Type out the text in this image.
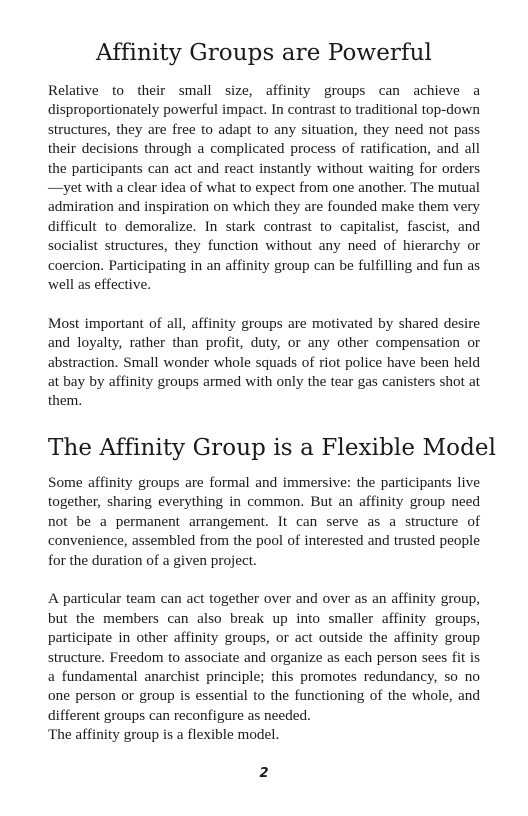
Affinity Groups are Powerful

Relative to their small size, affinity groups can achieve a disproportionately powerful impact. In contrast to traditional top-down structures, they are free to adapt to any situation, they need not pass their decisions through a complicated process of ratification, and all the participants can act and react instantly without waiting for orders—yet with a clear idea of what to expect from one another. The mutual admiration and inspiration on which they are founded make them very difficult to demoralize. In stark contrast to capitalist, fascist, and socialist structures, they function without any need of hierarchy or coercion. Participating in an affinity group can be fulfilling and fun as well as effective.

Most important of all, affinity groups are motivated by shared desire and loyalty, rather than profit, duty, or any other compensation or abstraction. Small wonder whole squads of riot police have been held at bay by affinity groups armed with only the tear gas canisters shot at them.

The Affinity Group is a Flexible Model

Some affinity groups are formal and immersive: the participants live together, sharing everything in common. But an affinity group need not be a permanent arrangement. It can serve as a structure of convenience, assembled from the pool of interested and trusted people for the duration of a given project.

A particular team can act together over and over as an affinity group, but the members can also break up into smaller affinity groups, participate in other affinity groups, or act outside the affinity group structure. Freedom to associate and organize as each person sees fit is a fundamental anarchist principle; this promotes redundancy, so no one person or group is essential to the functioning of the whole, and different groups can reconfigure as needed.

The affinity group is a flexible model.

2
